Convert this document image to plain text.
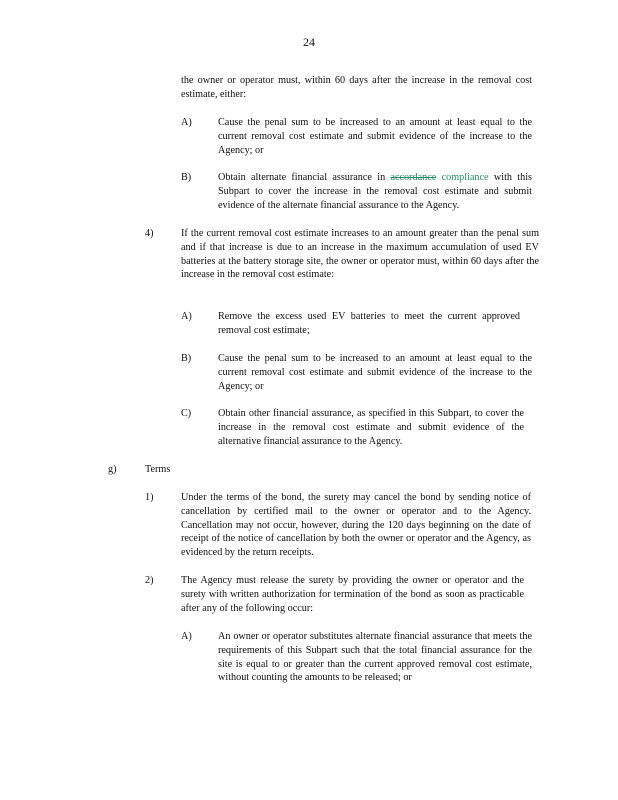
24
the owner or operator must, within 60 days after the increase in the removal cost estimate, either:
A)	Cause the penal sum to be increased to an amount at least equal to the current removal cost estimate and submit evidence of the increase to the Agency; or
B)	Obtain alternate financial assurance in accordance compliance with this Subpart to cover the increase in the removal cost estimate and submit evidence of the alternate financial assurance to the Agency.
4)	If the current removal cost estimate increases to an amount greater than the penal sum and if that increase is due to an increase in the maximum accumulation of used EV batteries at the battery storage site, the owner or operator must, within 60 days after the increase in the removal cost estimate:
A)	Remove the excess used EV batteries to meet the current approved removal cost estimate;
B)	Cause the penal sum to be increased to an amount at least equal to the current removal cost estimate and submit evidence of the increase to the Agency; or
C)	Obtain other financial assurance, as specified in this Subpart, to cover the increase in the removal cost estimate and submit evidence of the alternative financial assurance to the Agency.
g)	Terms
1)	Under the terms of the bond, the surety may cancel the bond by sending notice of cancellation by certified mail to the owner or operator and to the Agency. Cancellation may not occur, however, during the 120 days beginning on the date of receipt of the notice of cancellation by both the owner or operator and the Agency, as evidenced by the return receipts.
2)	The Agency must release the surety by providing the owner or operator and the surety with written authorization for termination of the bond as soon as practicable after any of the following occur:
A)	An owner or operator substitutes alternate financial assurance that meets the requirements of this Subpart such that the total financial assurance for the site is equal to or greater than the current approved removal cost estimate, without counting the amounts to be released; or
